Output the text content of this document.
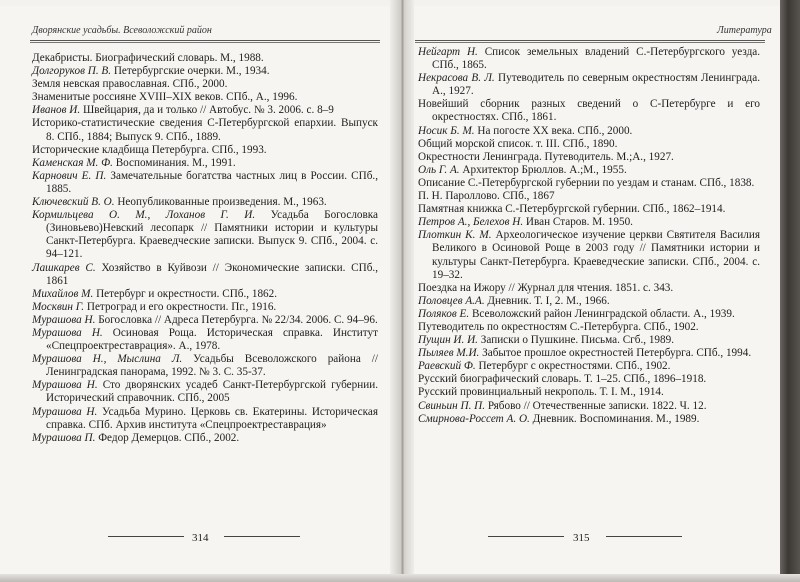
Дворянские усадьбы. Всеволожский район	Литература

Декабристы. Биографический словарь. М., 1988.

Долгоруков П. В. Петербургские очерки. М., 1934.

Земля невская православная. СПб., 2000.

Знаменитые россияне XVIII–XIX веков. СПб., А., 1996.

Иванов И. Швейцария, да и только // Автобус. № 3. 2006. с. 8–9

Историко-статистические сведения С-Петербургской епархии. Выпуск 8. СПб., 1884; Выпуск 9. СПб., 1889.

Исторические кладбища Петербурга. СПб., 1993.

Каменская М. Ф. Воспоминания. М., 1991.

Карнович Е. П. Замечательные богатства частных лиц в России. СПб., 1885.

Ключевский В. О. Неопубликованные произведения. М., 1963.

Кормильцева О. М., Лоханов Г. И. Усадьба Богословка (Зиновьево)Невский лесопарк // Памятники истории и культуры Санкт-Петербурга. Краеведческие записки. Выпуск 9. СПб., 2004. с. 94–121.

Лашкарев С. Хозяйство в Куйвози // Экономические записки. СПб., 1861

Михайлов М. Петербург и окрестности. СПб., 1862.

Москвин Г. Петроград и его окрестности. Пг., 1916.

Мурашова Н. Богословка // Адреса Петербурга. № 22/34. 2006. С. 94–96.

Мурашова Н. Осиновая Роща. Историческая справка. Институт «Спецпроектреставрация». А., 1978.

Мурашова Н., Мыслина Л. Усадьбы Всеволожского района // Ленинградская панорама, 1992. № 3. С. 35-37.

Мурашова Н. Сто дворянских усадеб Санкт-Петербургской губернии. Исторический справочник. СПб., 2005

Мурашова Н. Усадьба Мурино. Церковь св. Екатерины. Историческая справка. СПб. Архив института «Спецпроектреставрация»

Мурашова П. Федор Демерцов. СПб., 2002.

Нейгарт Н. Список земельных владений С.-Петербургского уезда. СПб., 1865.

Некрасова В. Л. Путеводитель по северным окрестностям Ленинграда. А., 1927.

Новейший сборник разных сведений о С-Петербурге и его окрестностях. СПб., 1861.

Носик Б. М. На погосте ХХ века. СПб., 2000.

Общий морской список. т. III. СПб., 1890.

Окрестности Ленинграда. Путеводитель. М.;А., 1927.

Оль Г. А. Архитектор Брюллов. А.;М., 1955.

Описание С.-Петербургской губернии по уездам и станам. СПб., 1838.

П. Н. Пароллово. СПб., 1867

Памятная книжка С.-Петербургской губернии. СПб., 1862–1914.

Петров А., Белехов Н. Иван Старов. М. 1950.

Плоткин К. М. Археологическое изучение церкви Святителя Василия Великого в Осиновой Роще в 2003 году // Памятники истории и культуры Санкт-Петербурга. Краеведческие записки. СПб., 2004. с. 19–32.

Поездка на Ижору // Журнал для чтения. 1851. с. 343.

Половцев А.А. Дневник. Т. I, 2. М., 1966.

Поляков Е. Всеволожский район Ленинградской области. А., 1939.

Путеводитель по окрестностям С.-Петербурга. СПб., 1902.

Пущин И. И. Записки о Пушкине. Письма. Сгб., 1989.

Пыляев М.И. Забытое прошлое окрестностей Петербурга. СПб., 1994.

Раевский Ф. Петербург с окрестностями. СПб., 1902.

Русский биографический словарь. Т. 1–25. СПб., 1896–1918.

Русский провинциальный некрополь. Т. I. М., 1914.

Свиньин П. П. Рябово // Отечественные записки. 1822. Ч. 12.

Смирнова-Россет А. О. Дневник. Воспоминания. М., 1989.

314	315
